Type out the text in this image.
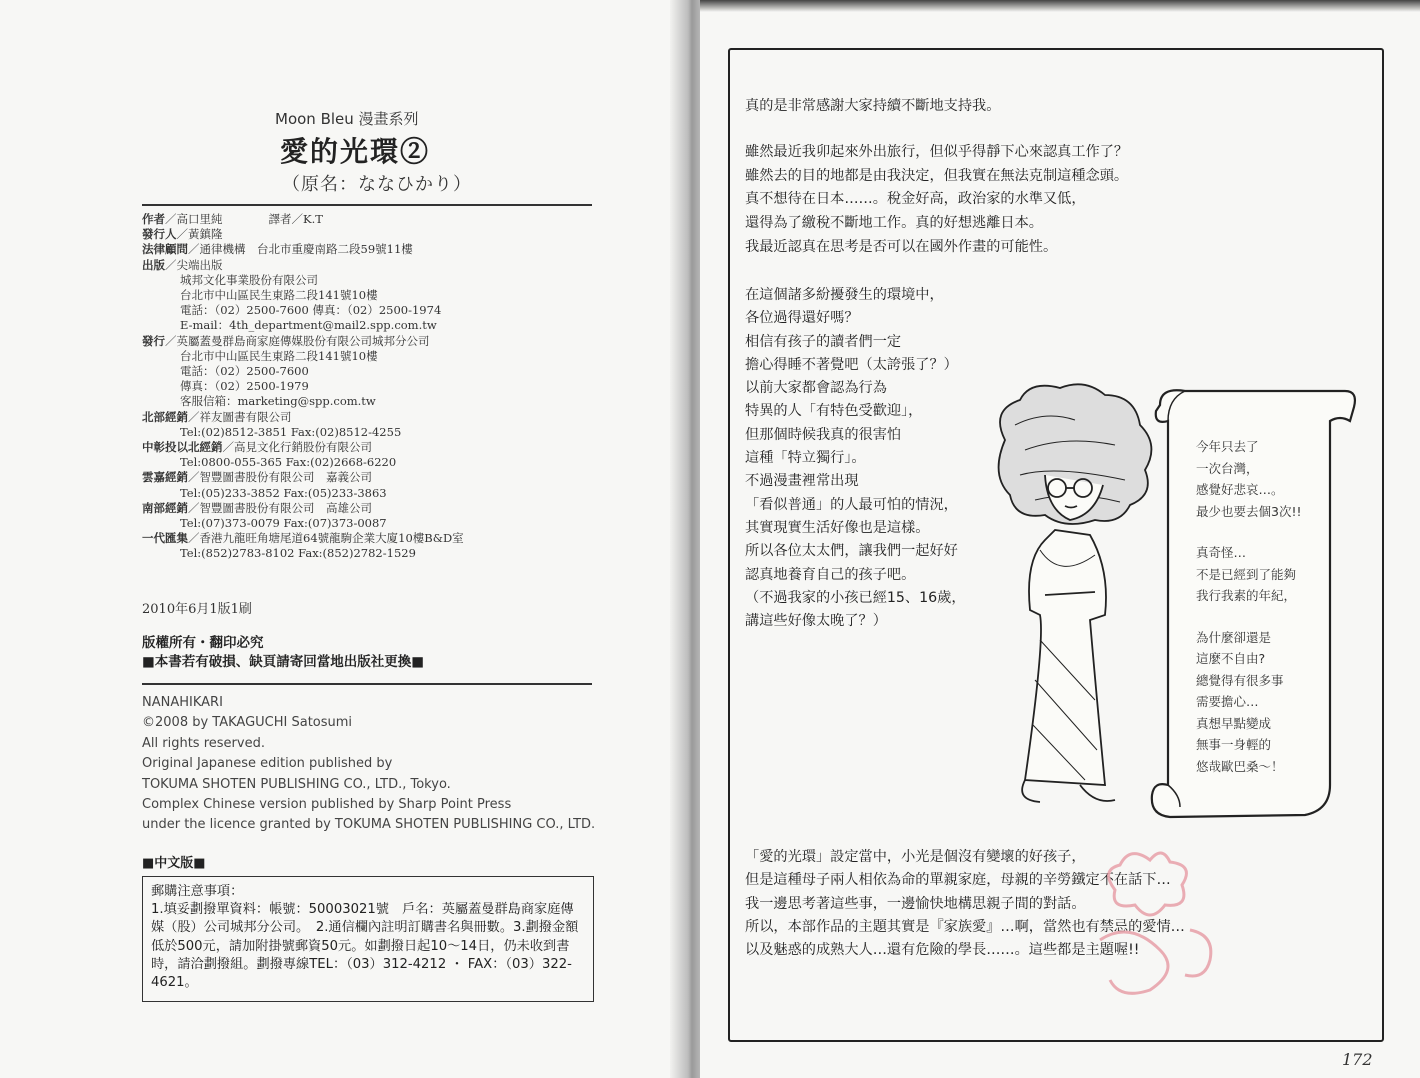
Moon Bleu 漫畫系列
愛的光環②
（原名：ななひかり）
作者／高口里純　　　　譯者／K.T
發行人／黃鎮隆
法律顧問／通律機構　台北市重慶南路二段59號11樓
出版／尖端出版
城邦文化事業股份有限公司
台北市中山區民生東路二段141號10樓
電話：（02）2500-7600 傳真：（02）2500-1974
E-mail：4th_department@mail2.spp.com.tw
發行／英屬蓋曼群島商家庭傳媒股份有限公司城邦分公司
台北市中山區民生東路二段141號10樓
電話：（02）2500-7600
傳真：（02）2500-1979
客服信箱：marketing@spp.com.tw
北部經銷／祥友圖書有限公司
Tel:(02)8512-3851 Fax:(02)8512-4255
中彰投以北經銷／高見文化行銷股份有限公司
Tel:0800-055-365 Fax:(02)2668-6220
雲嘉經銷／智豐圖書股份有限公司　嘉義公司
Tel:(05)233-3852 Fax:(05)233-3863
南部經銷／智豐圖書股份有限公司　高雄公司
Tel:(07)373-0079 Fax:(07)373-0087
一代匯集／香港九龍旺角塘尾道64號龍駒企業大廈10樓B&D室
Tel:(852)2783-8102 Fax:(852)2782-1529
2010年6月1版1刷
版權所有・翻印必究
■本書若有破損、缺頁請寄回當地出版社更換■
NANAHIKARI
©2008 by TAKAGUCHI Satosumi
All rights reserved.
Original Japanese edition published by
TOKUMA SHOTEN PUBLISHING CO., LTD., Tokyo.
Complex Chinese version published by Sharp Point Press
under the licence granted by TOKUMA SHOTEN PUBLISHING CO., LTD.
■中文版■
郵購注意事項：
1.填妥劃撥單資料：帳號：50003021號　戶名：英屬蓋曼群島商家庭傳媒（股）公司城邦分公司。　2.通信欄內註明訂購書名與冊數。3.劃撥金額低於500元，請加附掛號郵資50元。如劃撥日起10～14日，仍未收到書時，請洽劃撥組。劃撥專線TEL：（03）312-4212 ・ FAX：（03）322-4621。

真的是非常感謝大家持續不斷地支持我。

雖然最近我卯起來外出旅行，但似乎得靜下心來認真工作了？
雖然去的目的地都是由我決定，但我實在無法克制這種念頭。
真不想待在日本……。稅金好高，政治家的水準又低，
還得為了繳稅不斷地工作。真的好想逃離日本。
我最近認真在思考是否可以在國外作畫的可能性。
在這個諸多紛擾發生的環境中，
各位過得還好嗎？
相信有孩子的讀者們一定
擔心得睡不著覺吧（太誇張了？）
以前大家都會認為行為
特異的人「有特色受歡迎」，
但那個時候我真的很害怕
這種「特立獨行」。
不過漫畫裡常出現
「看似普通」的人最可怕的情況，
其實現實生活好像也是這樣。
所以各位太太們，讓我們一起好好
認真地養育自己的孩子吧。
（不過我家的小孩已經15、16歲，
講這些好像太晚了？）
今年只去了
一次台灣，
感覺好悲哀…。
最少也要去個3次!!
真奇怪…
不是已經到了能夠
我行我素的年紀，
為什麼卻還是
這麼不自由?
總覺得有很多事
需要擔心…
真想早點變成
無事一身輕的
悠哉歐巴桑～！
「愛的光環」設定當中，小光是個沒有變壞的好孩子，
但是這種母子兩人相依為命的單親家庭，母親的辛勞鐵定不在話下…
我一邊思考著這些事，一邊愉快地構思親子間的對話。
所以，本部作品的主題其實是『家族愛』…啊，當然也有禁忌的愛情…
以及魅惑的成熟大人…還有危險的學長……。這些都是主題喔!!
172
